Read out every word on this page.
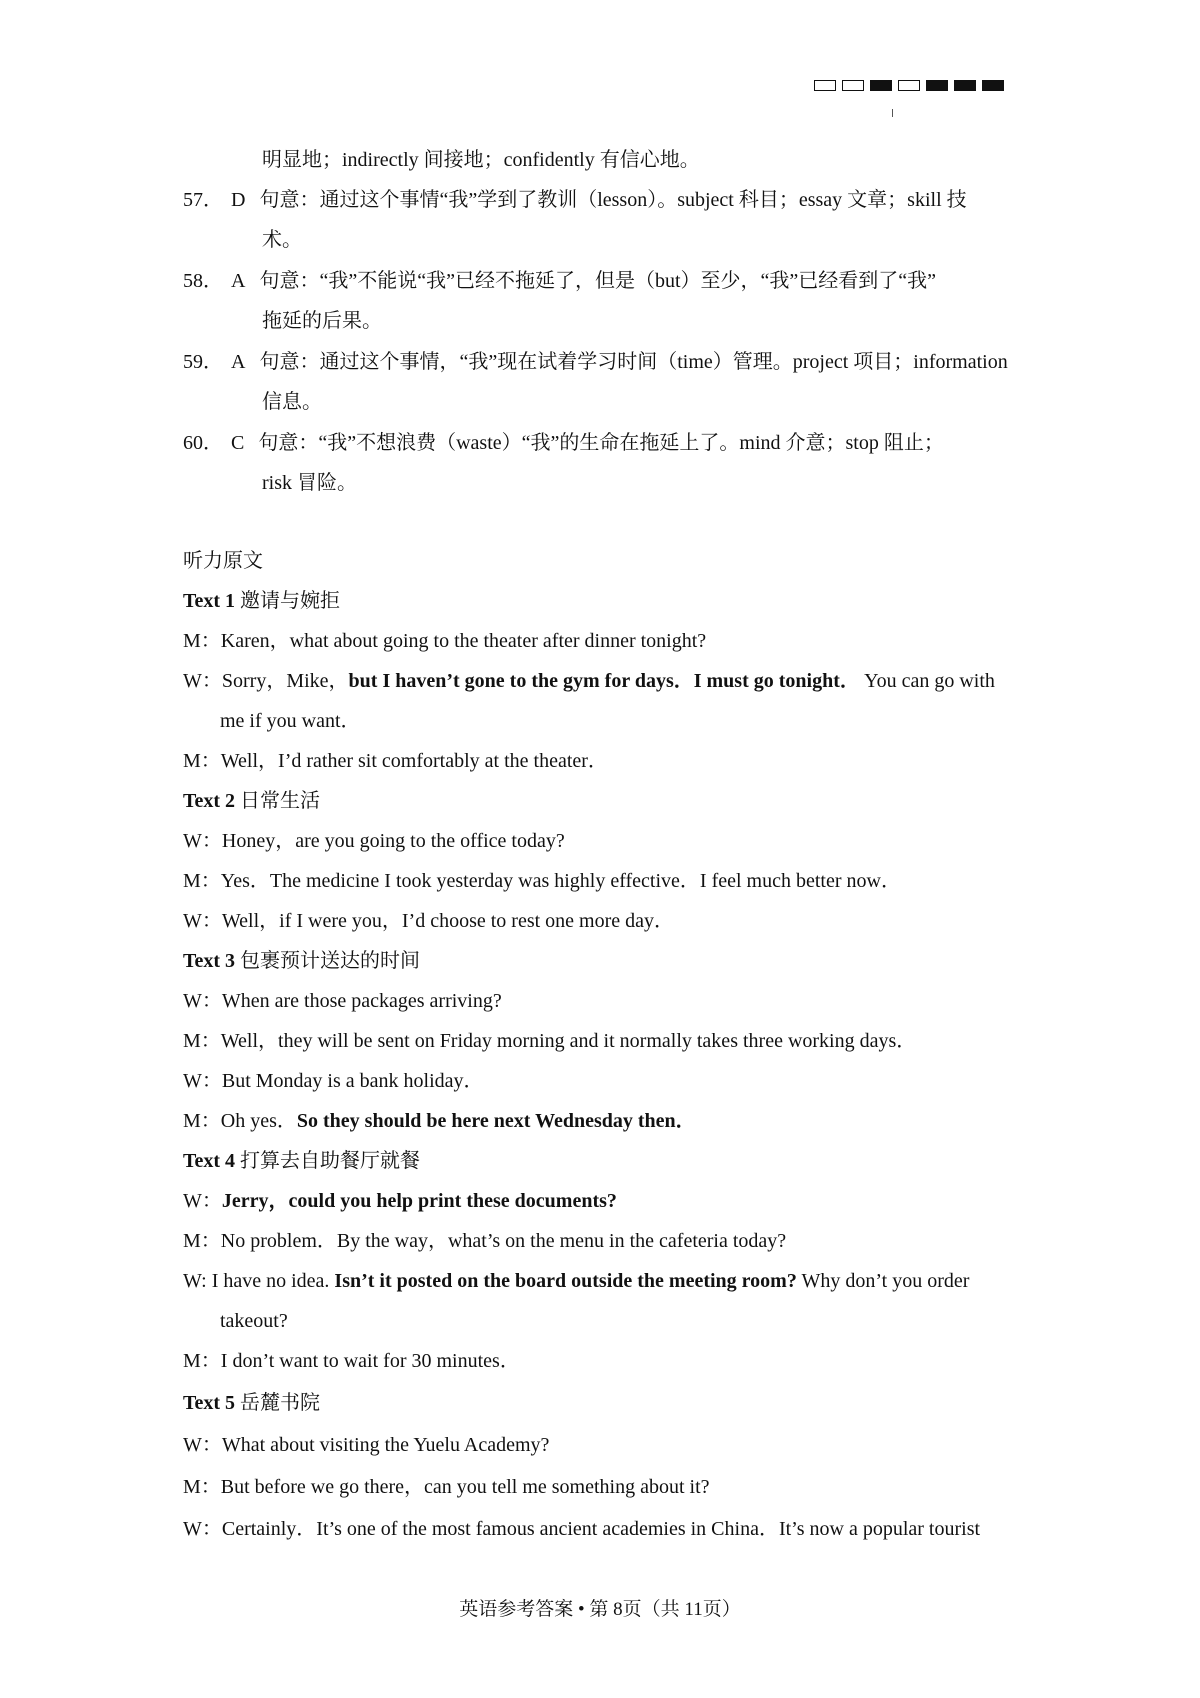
明显地；indirectly 间接地；confidently 有信心地。
57． D 句意：通过这个事情“我”学到了教训（lesson）。subject 科目；essay 文章；skill 技
术。
58． A 句意：“我”不能说“我”已经不拖延了，但是（but）至少，“我”已经看到了“我”
拖延的后果。
59． A 句意：通过这个事情，“我”现在试着学习时间（time）管理。project 项目；information
信息。
60． C 句意：“我”不想浪费（waste）“我”的生命在拖延上了。mind 介意；stop 阻止；
risk 冒险。
听力原文
Text 1 邀请与婉拒
M：Karen，what about going to the theater after dinner tonight?
W：Sorry，Mike，but I haven’t gone to the gym for days．I must go tonight． You can go with
me if you want．
M：Well，I’d rather sit comfortably at the theater．
Text 2 日常生活
W：Honey，are you going to the office today?
M：Yes．The medicine I took yesterday was highly effective．I feel much better now．
W：Well，if I were you，I’d choose to rest one more day．
Text 3 包裹预计送达的时间
W：When are those packages arriving?
M：Well，they will be sent on Friday morning and it normally takes three working days．
W：But Monday is a bank holiday．
M：Oh yes．So they should be here next Wednesday then．
Text 4 打算去自助餐厅就餐
W：Jerry，could you help print these documents?
M：No problem．By the way，what’s on the menu in the cafeteria today?
W: I have no idea. Isn’t it posted on the board outside the meeting room? Why don’t you order
takeout?
M：I don’t want to wait for 30 minutes．
Text 5 岳麓书院
W：What about visiting the Yuelu Academy?
M：But before we go there，can you tell me something about it?
W：Certainly．It’s one of the most famous ancient academies in China．It’s now a popular tourist
英语参考答案 • 第 8页（共 11页）
